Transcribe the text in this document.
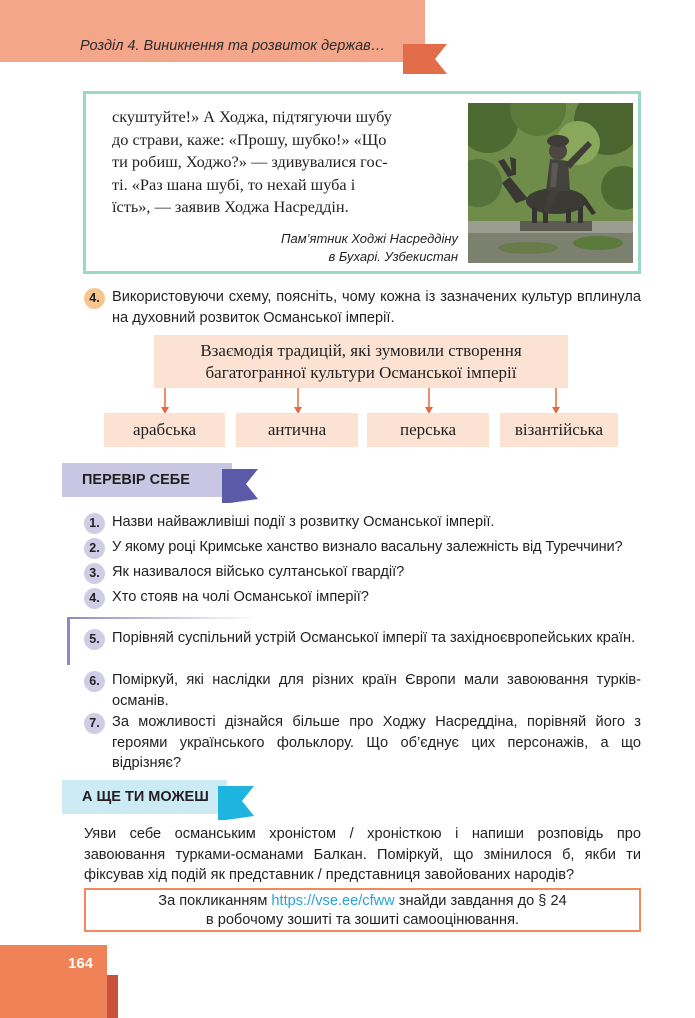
Розділ 4. Виникнення та розвиток держав…

скуштуйте!» А Ходжа, підтягуючи шубу

до страви, каже: «Прошу, шубко!» «Що

ти робиш, Ходжо?» — здивувалися гос-

ті. «Раз шана шубі, то нехай шуба і

їсть», — заявив Ходжа Насреддін.

Пам’ятник Ходжі Насреддіну
в Бухарі. Узбекистан
4. Використовуючи схему, поясніть, чому кожна із зазначених культур вплинула на духовний розвиток Османської імперії.
Взаємодія традицій, які зумовили створення
багатогранної культури Османської імперії
арабська	антична	перська	візантійська
ПЕРЕВІР СЕБЕ
1. Назви найважливіші події з розвитку Османської імперії.
2. У якому році Кримське ханство визнало васальну залежність від Туреччини?
3. Як називалося військо султанської гвардії?
4. Хто стояв на чолі Османської імперії?
5. Порівняй суспільний устрій Османської імперії та західноєвропейських країн.
6. Поміркуй, які наслідки для різних країн Європи мали завоювання турків-османів.
7. За можливості дізнайся більше про Ходжу Насреддіна, порівняй його з героями українського фольклору. Що об’єднує цих персонажів, а що відрізняє?
А ЩЕ ТИ МОЖЕШ
Уяви себе османським хроністом / хроністкою і напиши розповідь про завоювання турками-османами Балкан. Поміркуй, що змінилося б, якби ти фіксував хід подій як представник / представниця завойованих народів?
За покликанням https://vse.ee/cfww знайди завдання до § 24
в робочому зошиті та зошиті самооцінювання.
164
